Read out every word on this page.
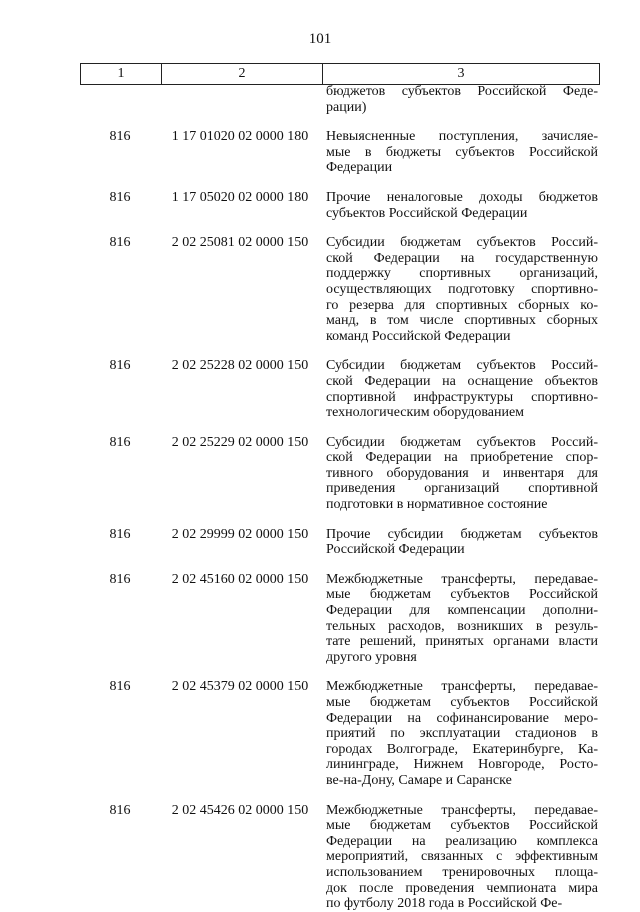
101
1	2	3
бюджетов субъектов Российской Феде-
рации)
816	1 17 01020 02 0000 180	Невыясненные поступления, зачисляе-
мые в бюджеты субъектов Российской
Федерации
816	1 17 05020 02 0000 180	Прочие неналоговые доходы бюджетов
субъектов Российской Федерации
816	2 02 25081 02 0000 150	Субсидии бюджетам субъектов Россий-
ской Федерации на государственную
поддержку спортивных организаций,
осуществляющих подготовку спортивно-
го резерва для спортивных сборных ко-
манд, в том числе спортивных сборных
команд Российской Федерации
816	2 02 25228 02 0000 150	Субсидии бюджетам субъектов Россий-
ской Федерации на оснащение объектов
спортивной инфраструктуры спортивно-
технологическим оборудованием
816	2 02 25229 02 0000 150	Субсидии бюджетам субъектов Россий-
ской Федерации на приобретение спор-
тивного оборудования и инвентаря для
приведения организаций спортивной
подготовки в нормативное состояние
816	2 02 29999 02 0000 150	Прочие субсидии бюджетам субъектов
Российской Федерации
816	2 02 45160 02 0000 150	Межбюджетные трансферты, передавае-
мые бюджетам субъектов Российской
Федерации для компенсации дополни-
тельных расходов, возникших в резуль-
тате решений, принятых органами власти
другого уровня
816	2 02 45379 02 0000 150	Межбюджетные трансферты, передавае-
мые бюджетам субъектов Российской
Федерации на софинансирование меро-
приятий по эксплуатации стадионов в
городах Волгограде, Екатеринбурге, Ка-
лининграде, Нижнем Новгороде, Росто-
ве-на-Дону, Самаре и Саранске
816	2 02 45426 02 0000 150	Межбюджетные трансферты, передавае-
мые бюджетам субъектов Российской
Федерации на реализацию комплекса
мероприятий, связанных с эффективным
использованием тренировочных площа-
док после проведения чемпионата мира
по футболу 2018 года в Российской Фе-
